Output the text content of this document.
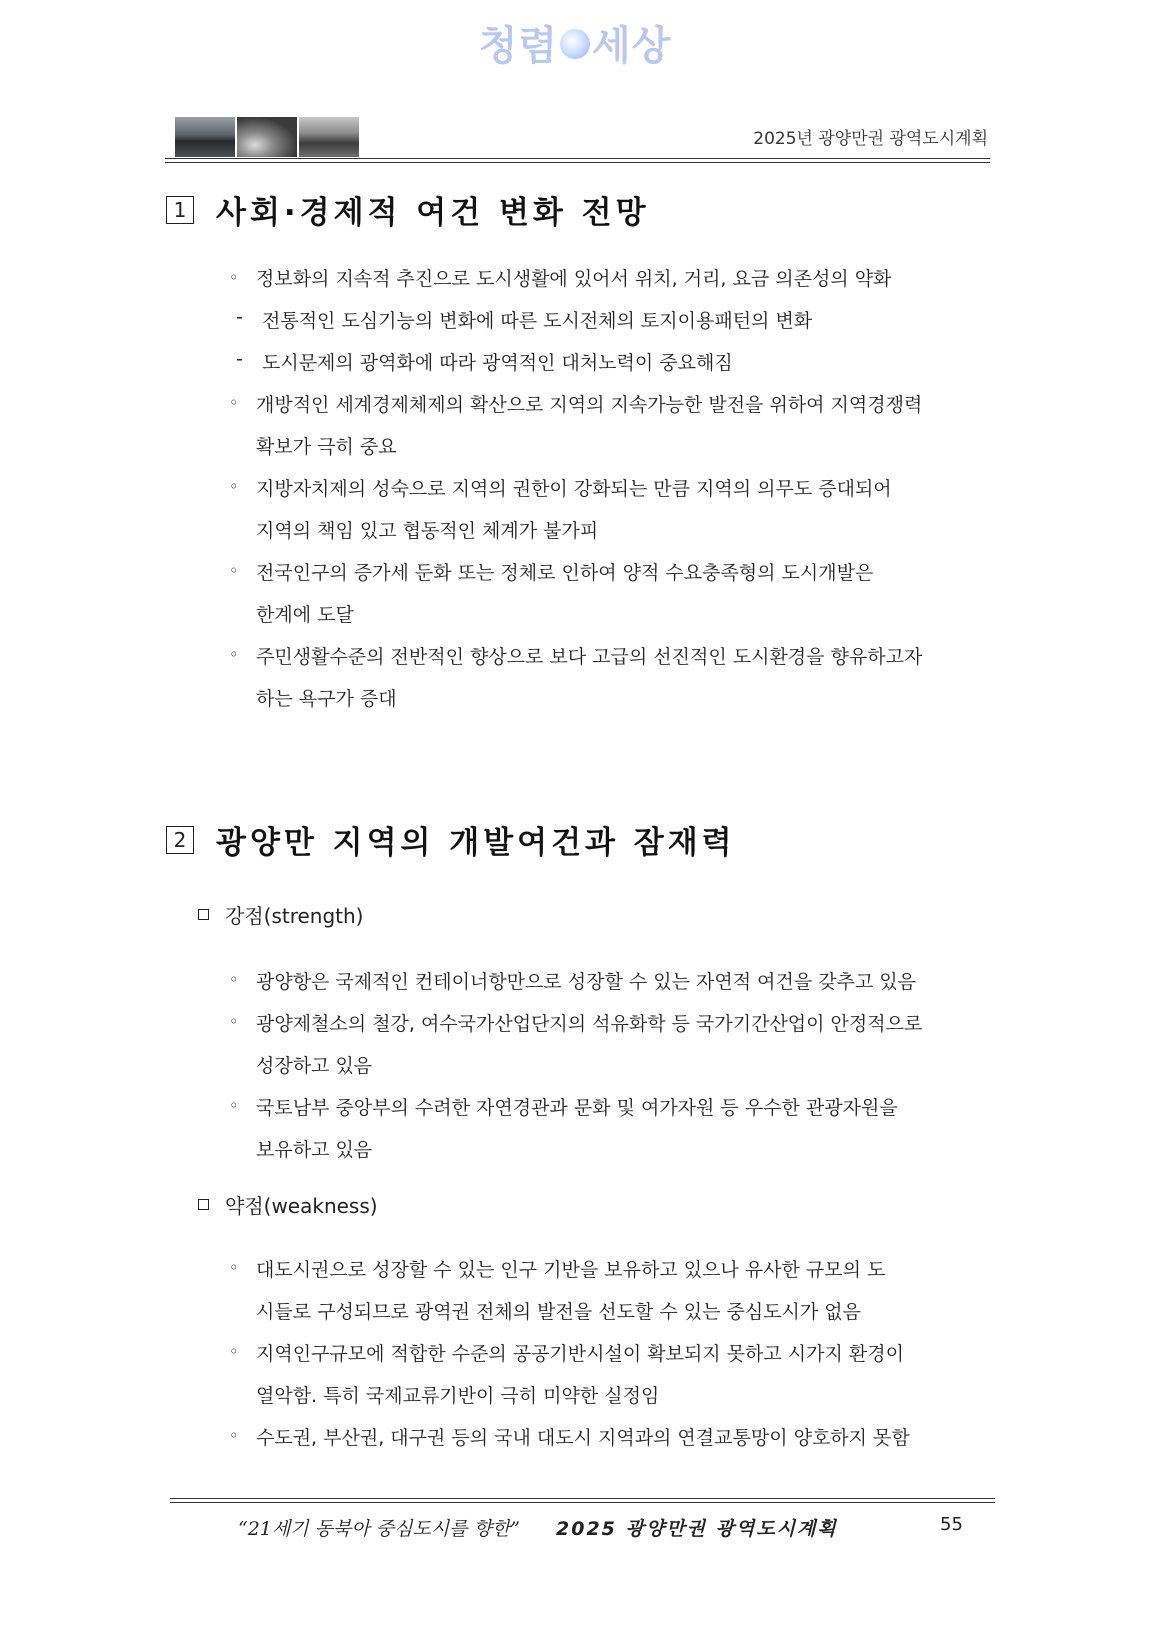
청렴 세상
2025년 광양만권 광역도시계획
1 사회·경제적 여건 변화 전망
◦ 정보화의 지속적 추진으로 도시생활에 있어서 위치, 거리, 요금 의존성의 약화
- 전통적인 도심기능의 변화에 따른 도시전체의 토지이용패턴의 변화
- 도시문제의 광역화에 따라 광역적인 대처노력이 중요해짐
◦ 개방적인 세계경제체제의 확산으로 지역의 지속가능한 발전을 위하여 지역경쟁력
확보가 극히 중요
◦ 지방자치제의 성숙으로 지역의 권한이 강화되는 만큼 지역의 의무도 증대되어
지역의 책임 있고 협동적인 체계가 불가피
◦ 전국인구의 증가세 둔화 또는 정체로 인하여 양적 수요충족형의 도시개발은
한계에 도달
◦ 주민생활수준의 전반적인 향상으로 보다 고급의 선진적인 도시환경을 향유하고자
하는 욕구가 증대
2 광양만 지역의 개발여건과 잠재력
강점(strength)
◦ 광양항은 국제적인 컨테이너항만으로 성장할 수 있는 자연적 여건을 갖추고 있음
◦ 광양제철소의 철강, 여수국가산업단지의 석유화학 등 국가기간산업이 안정적으로
성장하고 있음
◦ 국토남부 중앙부의 수려한 자연경관과 문화 및 여가자원 등 우수한 관광자원을
보유하고 있음
약점(weakness)
◦ 대도시권으로 성장할 수 있는 인구 기반을 보유하고 있으나 유사한 규모의 도
시들로 구성되므로 광역권 전체의 발전을 선도할 수 있는 중심도시가 없음
◦ 지역인구규모에 적합한 수준의 공공기반시설이 확보되지 못하고 시가지 환경이
열악함. 특히 국제교류기반이 극히 미약한 실정임
◦ 수도권, 부산권, 대구권 등의 국내 대도시 지역과의 연결교통망이 양호하지 못함
“21세기 동북아 중심도시를 향한” 2025 광양만권 광역도시계획	55
